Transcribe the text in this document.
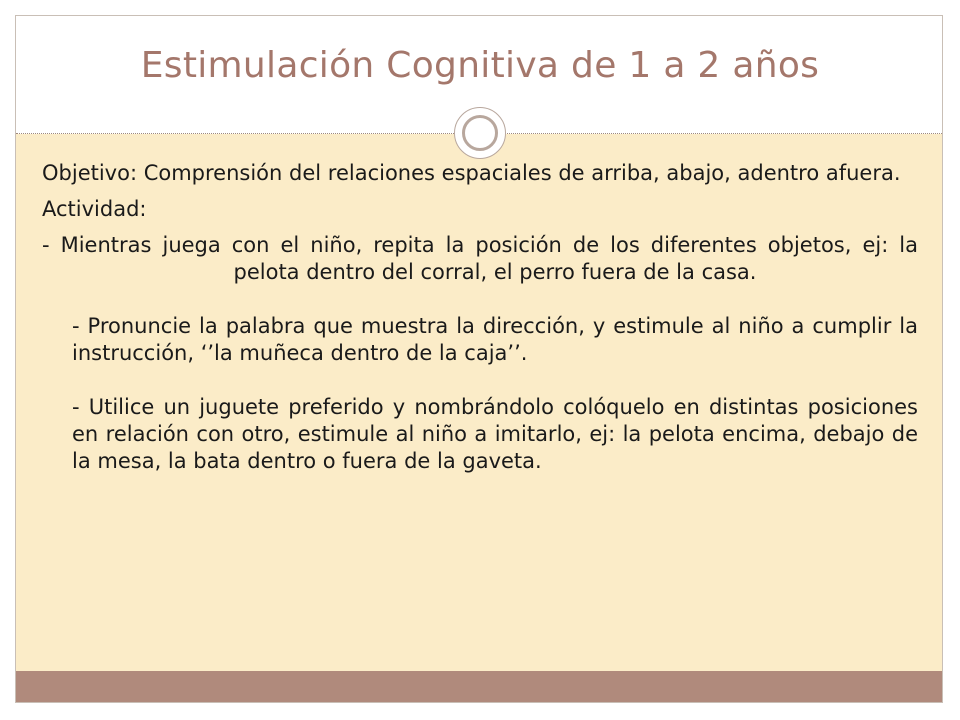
Estimulación Cognitiva de 1 a 2 años

Objetivo: Comprensión del relaciones espaciales de arriba, abajo, adentro afuera.

Actividad:

- Mientras juega con el niño, repita la posición de los diferentes objetos, ej: la pelota dentro del corral, el perro fuera de la casa.

- Pronuncie la palabra que muestra la dirección, y estimule al niño a cumplir la instrucción, ‘’la muñeca dentro de la caja’’.

- Utilice un juguete preferido y nombrándolo colóquelo en distintas posiciones en relación con otro, estimule al niño a imitarlo, ej: la pelota encima, debajo de la mesa, la bata dentro o fuera de la gaveta.
